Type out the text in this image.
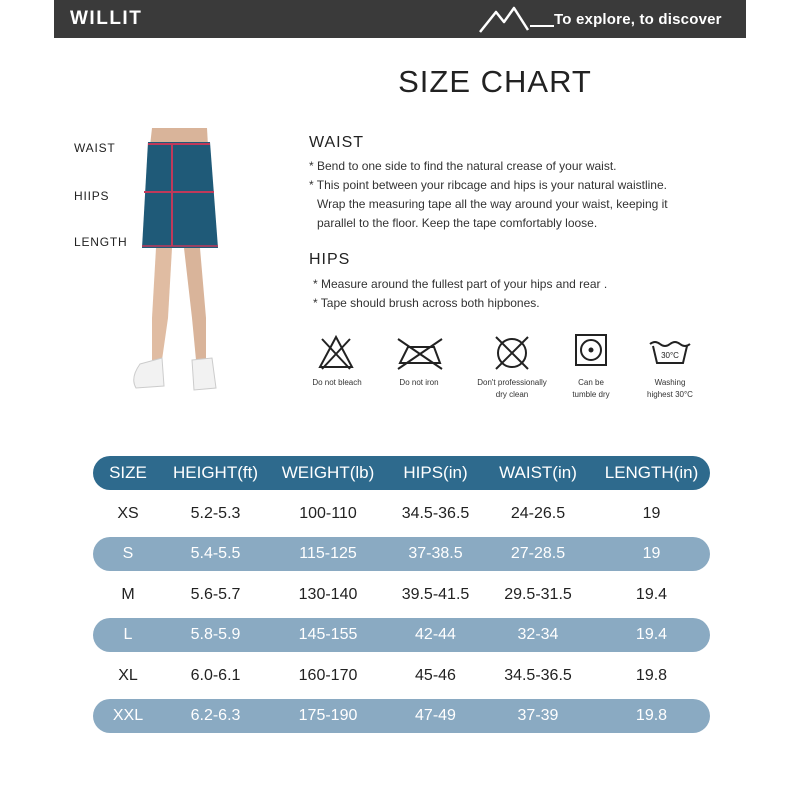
WILLIT	To explore, to discover
SIZE CHART
WAIST
HIIPS
LENGTH
WAIST

* Bend to one side to find the natural crease of your waist.

* This point between your ribcage and hips is your natural waistline.

Wrap the measuring tape all the way around your waist, keeping it

parallel to the floor. Keep the tape comfortably loose.

HIPS

* Measure around the fullest part of your hips and rear .

* Tape should brush across both hipbones.

Do not bleach	Do not iron	Don't professionally
dry clean
Can be
tumble dry
30°C
Washing
highest 30°C
SIZE	HEIGHT(ft)	WEIGHT(lb)	HIPS(in)	WAIST(in)	LENGTH(in)
XS	5.2-5.3	100-110	34.5-36.5	24-26.5	19
S	5.4-5.5	115-125	37-38.5	27-28.5	19
M	5.6-5.7	130-140	39.5-41.5	29.5-31.5	19.4
L	5.8-5.9	145-155	42-44	32-34	19.4
XL	6.0-6.1	160-170	45-46	34.5-36.5	19.8
XXL	6.2-6.3	175-190	47-49	37-39	19.8
